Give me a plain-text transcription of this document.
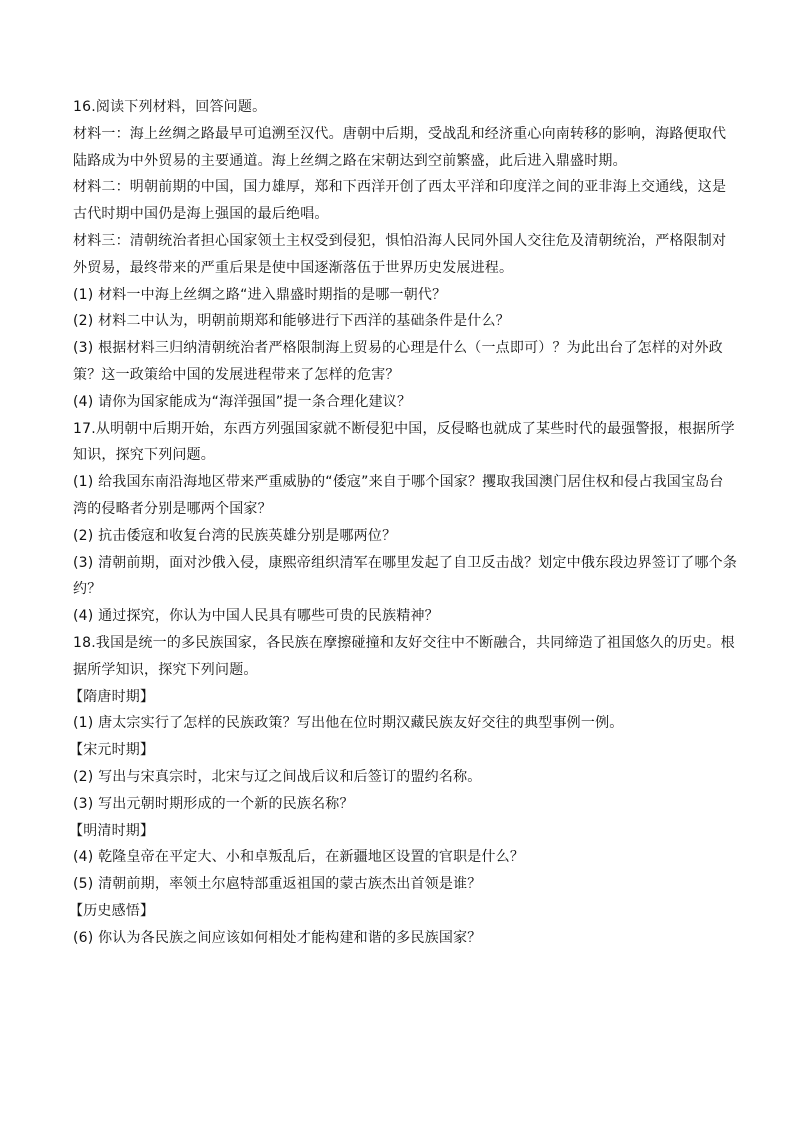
16.阅读下列材料，回答问题。
材料一：海上丝绸之路最早可追溯至汉代。唐朝中后期，受战乱和经济重心向南转移的影响，海路便取代
陆路成为中外贸易的主要通道。海上丝绸之路在宋朝达到空前繁盛，此后进入鼎盛时期。
材料二：明朝前期的中国，国力雄厚，郑和下西洋开创了西太平洋和印度洋之间的亚非海上交通线，这是
古代时期中国仍是海上强国的最后绝唱。
材料三：清朝统治者担心国家领土主权受到侵犯，惧怕沿海人民同外国人交往危及清朝统治，严格限制对
外贸易，最终带来的严重后果是使中国逐渐落伍于世界历史发展进程。
(1) 材料一中海上丝绸之路“进入鼎盛时期指的是哪一朝代？
(2) 材料二中认为，明朝前期郑和能够进行下西洋的基础条件是什么？
(3) 根据材料三归纳清朝统治者严格限制海上贸易的心理是什么（一点即可）？为此出台了怎样的对外政
策？这一政策给中国的发展进程带来了怎样的危害？
(4) 请你为国家能成为“海洋强国”提一条合理化建议？
17.从明朝中后期开始，东西方列强国家就不断侵犯中国，反侵略也就成了某些时代的最强警报，根据所学
知识，探究下列问题。
(1) 给我国东南沿海地区带来严重威胁的“倭寇”来自于哪个国家？攫取我国澳门居住权和侵占我国宝岛台
湾的侵略者分别是哪两个国家？
(2) 抗击倭寇和收复台湾的民族英雄分别是哪两位？
(3) 清朝前期，面对沙俄入侵，康熙帝组织清军在哪里发起了自卫反击战？划定中俄东段边界签订了哪个条
约？
(4) 通过探究，你认为中国人民具有哪些可贵的民族精神？
18.我国是统一的多民族国家，各民族在摩擦碰撞和友好交往中不断融合，共同缔造了祖国悠久的历史。根
据所学知识，探究下列问题。
【隋唐时期】
(1) 唐太宗实行了怎样的民族政策？写出他在位时期汉藏民族友好交往的典型事例一例。
【宋元时期】
(2) 写出与宋真宗时，北宋与辽之间战后议和后签订的盟约名称。
(3) 写出元朝时期形成的一个新的民族名称？
【明清时期】
(4) 乾隆皇帝在平定大、小和卓叛乱后，在新疆地区设置的官职是什么？
(5) 清朝前期，率领土尔扈特部重返祖国的蒙古族杰出首领是谁？
【历史感悟】
(6) 你认为各民族之间应该如何相处才能构建和谐的多民族国家？
